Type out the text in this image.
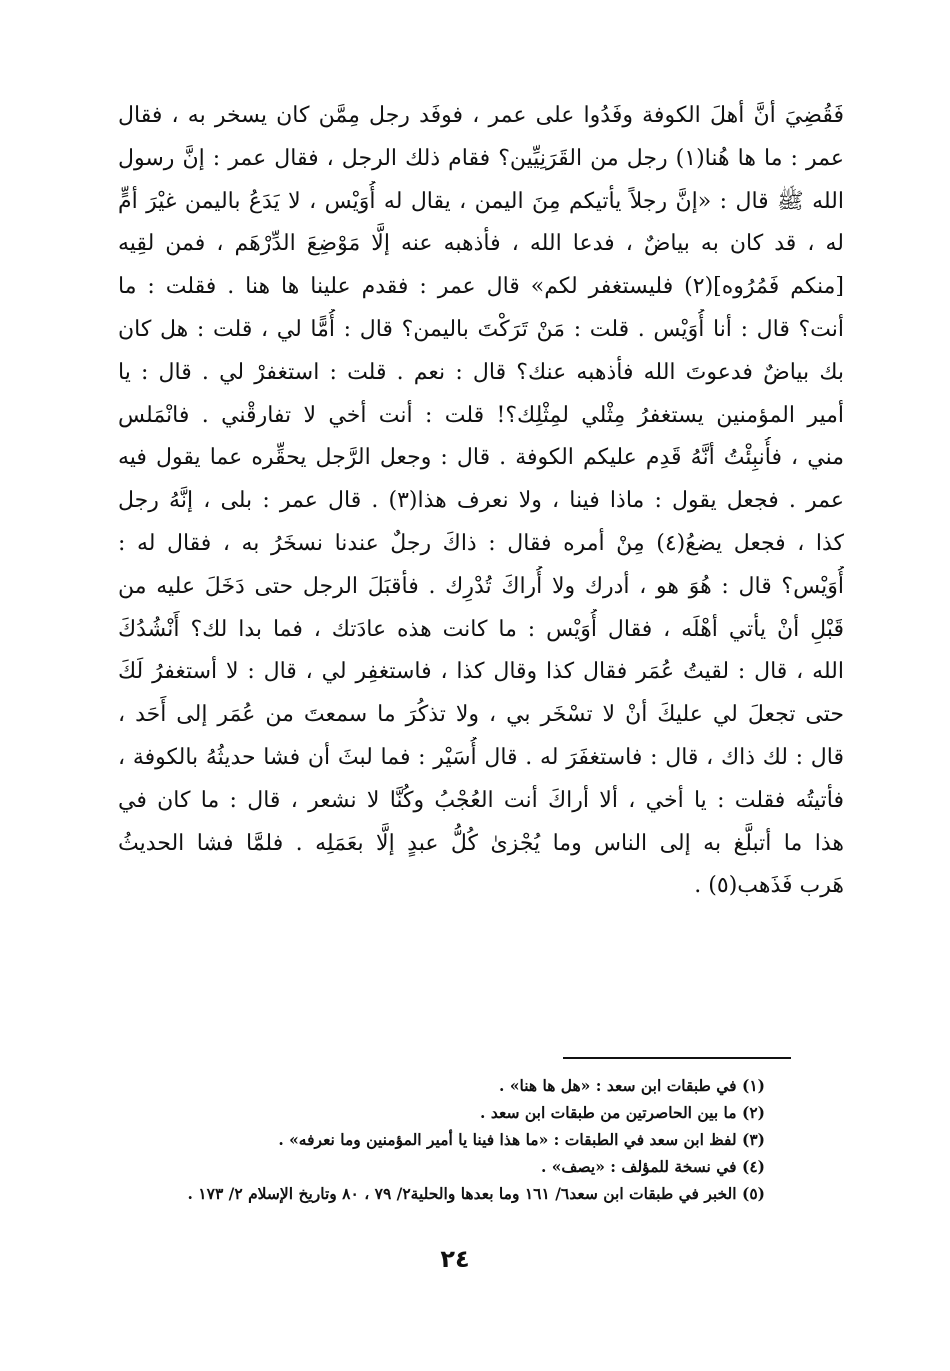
فَقُضِيَ أنَّ أهلَ الكوفة وفَدُوا على عمر ، فوفَد رجل مِمَّن كان يسخر به ، فقال
عمر : ما ها هُنا(١) رجل من القَرَنِيِّين؟ فقام ذلك الرجل ، فقال عمر : إنَّ رسول
الله ﷺ قال : «إنَّ رجلاً يأتيكم مِنَ اليمن ، يقال له أُوَيْس ، لا يَدَعُ باليمن غيْرَ أمٍّ
له ، قد كان به بياضٌ ، فدعا الله ، فأذهبه عنه إلَّا مَوْضِعَ الدِّرْهَم ، فمن لقِيه
[منكم فَمُرُوه](٢) فليستغفر لكم» قال عمر : فقدم علينا ها هنا . فقلت : ما
أنت؟ قال : أنا أُوَيْس . قلت : مَنْ تَرَكْتَ باليمن؟ قال : أُمًّا لي ، قلت : هل كان
بك بياضٌ فدعوتَ الله فأذهبه عنك؟ قال : نعم . قلت : استغفرْ لي . قال : يا
أمير المؤمنين يستغفرُ مِثْلي لمِثْلِك؟! قلت : أنت أخي لا تفارقْني . فانْمَلس
مني ، فأُنبِئْتُ أنَّهُ قَدِم عليكم الكوفة . قال : وجعل الرَّجل يحقِّره عما يقول فيه
عمر . فجعل يقول : ماذا فينا ، ولا نعرف هذا(٣) . قال عمر : بلى ، إنَّهُ رجل
كذا ، فجعل يضعُ(٤) مِنْ أمره فقال : ذاكَ رجلٌ عندنا نسخَرُ به ، فقال له :
أُوَيْس؟ قال : هُوَ هو ، أدرك ولا أُراكَ تُدْرِك . فأقبَلَ الرجل حتى دَخَلَ عليه من
قَبْلِ أنْ يأتي أهْلَه ، فقال أُوَيْس : ما كانت هذه عادَتك ، فما بدا لك؟ أَنْشُدُكَ
الله ، قال : لقيتُ عُمَر فقال كذا وقال كذا ، فاستغفِر لي ، قال : لا أستغفرُ لَكَ
حتى تجعلَ لي عليكَ أنْ لا تسْخَر بي ، ولا تذكُرَ ما سمعتَ من عُمَر إلى أَحَد ،
قال : لك ذاك ، قال : فاستغفَرَ له . قال أُسَيْر : فما لبثَ أن فشا حديثُهُ بالكوفة ،
فأتيتُه فقلت : يا أخي ، ألا أراكَ أنت العُجْبُ وكُنَّا لا نشعر ، قال : ما كان في
هذا ما أتبلَّغ به إلى الناس وما يُجْزىٰ كُلُّ عبدٍ إلَّا بعَمَلِه . فلمَّا فشا الحديثُ
هَرب فَذَهب(٥) .
(١) في طبقات ابن سعد : «هل ها هنا» .
(٢) ما بين الحاصرتين من طبقات ابن سعد .
(٣) لفظ ابن سعد في الطبقات : «ما هذا فينا يا أمير المؤمنين وما نعرفه» .
(٤) في نسخة للمؤلف : «يصف» .
(٥) الخبر في طبقات ابن سعد٦/ ١٦١ وما بعدها والحلية٢/ ٧٩ ، ٨٠ وتاريخ الإسلام ٢/ ١٧٣ .
٢٤
